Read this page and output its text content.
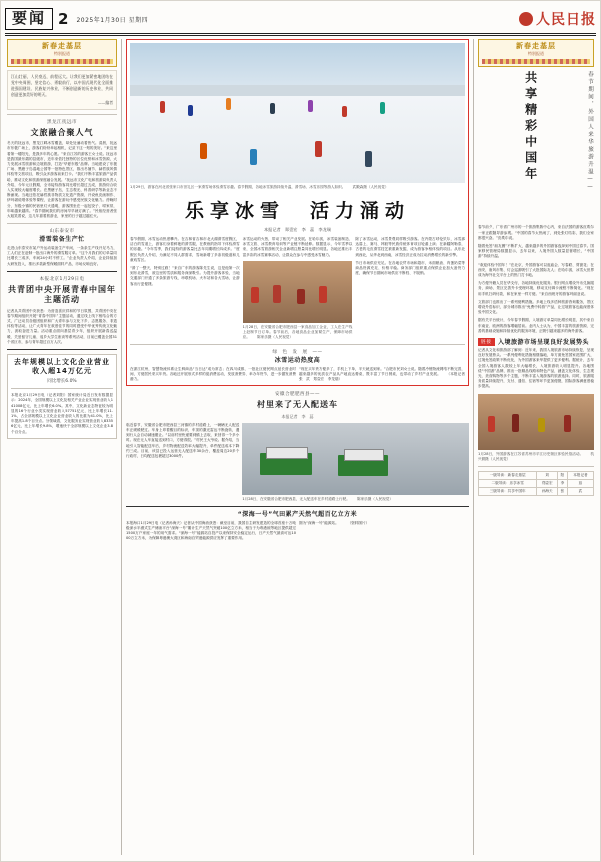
要闻 2 2025年1月30日 星期四	人民日报
新春走基层
特别报道
江山壮丽，人民豪迈，前程远大。让我们更加紧密地团结在党中央周围，坚定信心、勇毅前行，以中国式现代化全面推进强国建设、民族复兴伟业，不断创造新的历史伟业，共同创造更加美好的明天。
——编者
黑龙江抚远市
文旅融合聚人气
冬天的抚远市，黑龙江畔冰雪覆盖，却处处涌动着热气。清晨，抚远市东极广场上，游客们纷纷举起相机，记录下这一刻的美好。“来这里看第一缕阳光，是我多年的心愿。”来自江苏的游客王女士说。抚远市是我国最东端的县级市，近年来依托独特的区位优势和冰雪资源，大力发展冰雪旅游和边境旅游，打造“华夏东极”品牌。当地建设了东极广场、黑瞎子岛湿地公园等一批特色景区，推出冬捕节、赫哲族风情体验等文旅项目，吸引众多游客前来打卡。“我们不断丰富旅游产品供给，推动文化和旅游深度融合发展。”抚远市文化广电和旅游局负责人介绍，今年元旦假期，全市接待游客同比增长超过五成，旅游综合收入实现较大幅度增长。在黑瞎子岛，生态观光、科普研学等新业态不断涌现。当地还依托赫哲族非物质文化遗产资源，开设鱼皮画制作、伊玛堪说唱体验等课程，让游客在游玩中感受民族文化魅力。傍晚时分，东极小镇的民宿里灯火通明，游客围坐在一起包饺子、唠家常，年味越来越浓。“春节期间我们的房间早早就订满了。”民宿经营者张大姐笑着说，这几年靠着旅游业，家里的日子越过越红火。
山东泰安市
滑雪装备生产忙
走进山东泰安市某户外运动装备生产车间，一条条生产线开足马力，工人们正在赶制一批出口海外的滑雪服订单。“这个月我们的订单量同比增长三成多，车间24小时不停工。”企业负责人介绍，企业持续加大研发投入，推出多款新型保暖面料产品，市场反响良好。
本报北京1月29日电
共青团中央开展青春中国年主题活动
记者从共青团中央获悉：为营造喜庆祥和的节日氛围，共青团中央在春节期间组织开展“青春中国年”主题活动，通过线上线下相结合的方式，广泛动员各级团组织和广大青年参与文化下乡、志愿服务、非遗体验等活动，让广大青年在欢度佳节的同时感受中华优秀传统文化魅力，汲取奋进力量。活动重点面向基层青少年，组织开展新春送温暖、关爱留守儿童、返乡大学生座谈等系列活动，目前已覆盖全国31个省区市，参与青年超过百万人次。
去年规模以上文化企业营业收入超14万亿元
同比增长6.0%
本报北京1月29日电（记者刘阳）国家统计局近日发布数据显示：2024年，全国规模以上文化及相关产业企业实现营业收入141008亿元，比上年增长6.0%。其中，文化新业态特征较为明显的16个行业小类实现营业收入57751亿元，比上年增长11.1%，占全部规模以上文化企业营业收入的比重为41.0%，比上年提高1.8个百分点。分领域看，文化服务业实现营业收入83356亿元，比上年增长9.8%，增速快于全部规模以上文化企业3.8个百分点。
1月29日，游客在河北省张家口市崇礼区一家滑雪场体验滑雪乐趣。春节假期，各地冰雪旅游持续升温，滑雪场、冰雪乐园等游人如织。　　武殿森摄（人民视觉）
乐享冰雪　活力涌动
本报记者　郑壹宏　李　蕊　李龙瑞
春节假期，冰雪运动热度攀升。在吉林省吉林市北大湖滑雪度假区，洁白的雪道上，游客们身着鲜艳的滑雪服，在教练的指导下体验滑雪的乐趣。“今年雪季，我们接待的游客量比去年同期增长四成多。”度假区负责人介绍，为满足不同人群需求，雪场新增了多条初级道和儿童戏雪区。
“滑了一整天，特别过瘾！”来自广东的游客陈先生说，这是他第一次到东北滑雪，被这里的雪质和服务深深吸引。为提升游客体验，当地交通部门开通了多条旅游专线，串联机场、火车站和各大雪场，让游客出行更便捷。
冰雪运动的火热，带动了相关产业发展。在哈尔滨，冰雪装备制造、冰雪文旅、冰雪教育培训等产业链不断延伸。数据显示，今年雪季以来，全国冰雪旅游相关企业新增注册量同比增长明显。各地还推出丰富多彩的冰雪赛事活动，让群众在参与中感受冰雪魅力。
1月28日，在安徽省合肥市肥西县一家食品加工企业，工人在生产线上赶制节日订单。春节前后，各地食品企业加紧生产，保障市场供应。　　陈家乐摄（人民视觉）
除了冰雪运动，冰雪景观同样吸引游客。在内蒙古呼伦贝尔，冰雪那达慕上，赛马、摔跤等民族传统体育项目轮番上演；在新疆阿勒泰，古老的毛皮滑雪技艺被重新发掘，成为游客争相体验的项目。从东北到西北，从华北到西南，冰雪经济正成为拉动消费增长的新引擎。
节日市场供应充足。在各地农贸市场和超市，米面粮油、肉蛋奶菜等商品货源充足、价格平稳。商务部门组织重点保供企业加大备货力度，确保节日期间市场供应不断档、不脱销。
绿　色　发　展　——
冰雪运动热度高
在浙江杭州，智慧物流体系让生鲜商品“当日达”成为常态；在四川成都，一批社区便民网点延长营业时间，方便居民采买年货。各地还开展形式多样的促消费活动，发放消费券、举办年货节，进一步激发消费潜力。
“现在买年货方便多了，手机上下单，半天就送到家。”合肥市民刘女士说。随着冷链物流网络不断完善，越来越多的优质农产品从产地直达餐桌，既丰富了节日餐桌，也带动了乡村产业发展。　　（本报记者　张　武　郑壹宏　李龙瑞）
安徽合肥肥西县——
村里来了无人配送车
本报记者　李　蕊
临近春节，安徽省合肥市肥西县三河镇的乡村道路上，一辆辆无人配送车正缓缓驶过。车身上印着醒目的标识，车顶的激光雷达不断旋转，遇到行人会自动减速避让。“以前村里快递要到镇上去取，来回得一个多小时。现在无人车直接送到村口，方便得很。”村民王大爷说。据介绍，当地引入智能配送车后，乡村物流配送效率大幅提升，单件配送成本下降约三成。目前，该县已投入运营无人配送车30余台，覆盖周边20多个行政村，日均配送包裹超过3000件。
1月28日，在安徽省合肥市肥西县，无人配送车在乡村道路上行驶。　　陈家乐摄（人民视觉）
“深海一号”气田累产天然气超百亿立方米
本报海口1月29日电（记者孙海天）记者从中国海油获悉：截至目前，我国自主研发建造的全球首座十万吨级深水半潜式生产储油平台“深海一号”累计生产天然气突破100亿立方米，相当于为粤港琼等地区提供超过1500万户家庭一年的用气需求。“深海一号”能源站自投产以来保持安全稳定运行，日产天然气最高可达1000万立方米，为保障粤港澳大湾区和海南自贸港能源供应发挥了重要作用。
图为“深海一号”能源站。　　　（资料图片）
新春走基层
特别报道
共享精彩中国年	春节期间，外国人来华旅游升温——
春节前夕，广东省广州市的一个旅游集散中心内，来自法国的游客皮埃尔一家正跟随导游参观。“中国的春节太热闹了，到处张灯结彩，我们全家都很兴奋。”皮埃尔说。
随着免签“朋友圈”不断扩大，越来越多的外国游客选择到中国过春节。国家移民管理局数据显示，去年以来，入境外国人数量显著增长，“中国游”持续升温。
“欢迎体验中国年！”在北京，外国游客可以逛庙会、写春联、剪窗花；在西安，唐风市集、灯会巡游吸引了大批国际友人；在哈尔滨，冰雪大世界成为海外社交平台上的热门打卡地。
为方便外籍人员在华支付，各地持续优化服务。银行网点增设外币兑换服务，商场、景区完善外卡受理环境，移动支付绑卡流程不断简化。“现在用手机扫码付款，和在家里一样方便。”来自西班牙的游客玛丽亚说。
文旅部门也推出了一系列便利措施。多地上线多语种旅游咨询服务，景区增设外语标识，部分城市推出“免费中转游”产品，让过境旅客也能深度体验中国文化。
据有关平台统计，今年春节假期，入境游订单量同比增长明显，其中来自东南亚、欧洲的游客增幅居前。业内人士认为，中国丰富的旅游资源、完善的基础设施和持续优化的服务环境，正吸引越来越多的海外游客。
链接	入境旅游市场呈现良好发展势头
记者从文化和旅游部了解到：近年来，我国入境旅游市场持续恢复，呈现良好发展势头。一系列便利化措施相继落地，单方面免签国家范围扩大，过境免签政策不断优化，为外国游客来华提供了更多便利。据统计，去年全国入境游客人数较上年大幅增长，入境旅游收入明显提升。各地围绕“中国游”品牌，推出一批精品线路和特色产品，涵盖文化体验、生态观光、美食购物等多个主题，不断丰富入境游客的旅游选择。同时，旅游服务质量持续提升，支付、通信、住宿等环节更加便捷，国际游客满意度稳步提高。
1月28日，外国游客在江苏省苏州市平江历史街区体验民俗活动。　　杭兴微摄（人民视觉）
一版导读：新春走基层	刘	阳	本报记者
二版导读：乐享冰雪	郑壹宏	李	蕊
三版导读：共享中国年	孙海天	张	武
